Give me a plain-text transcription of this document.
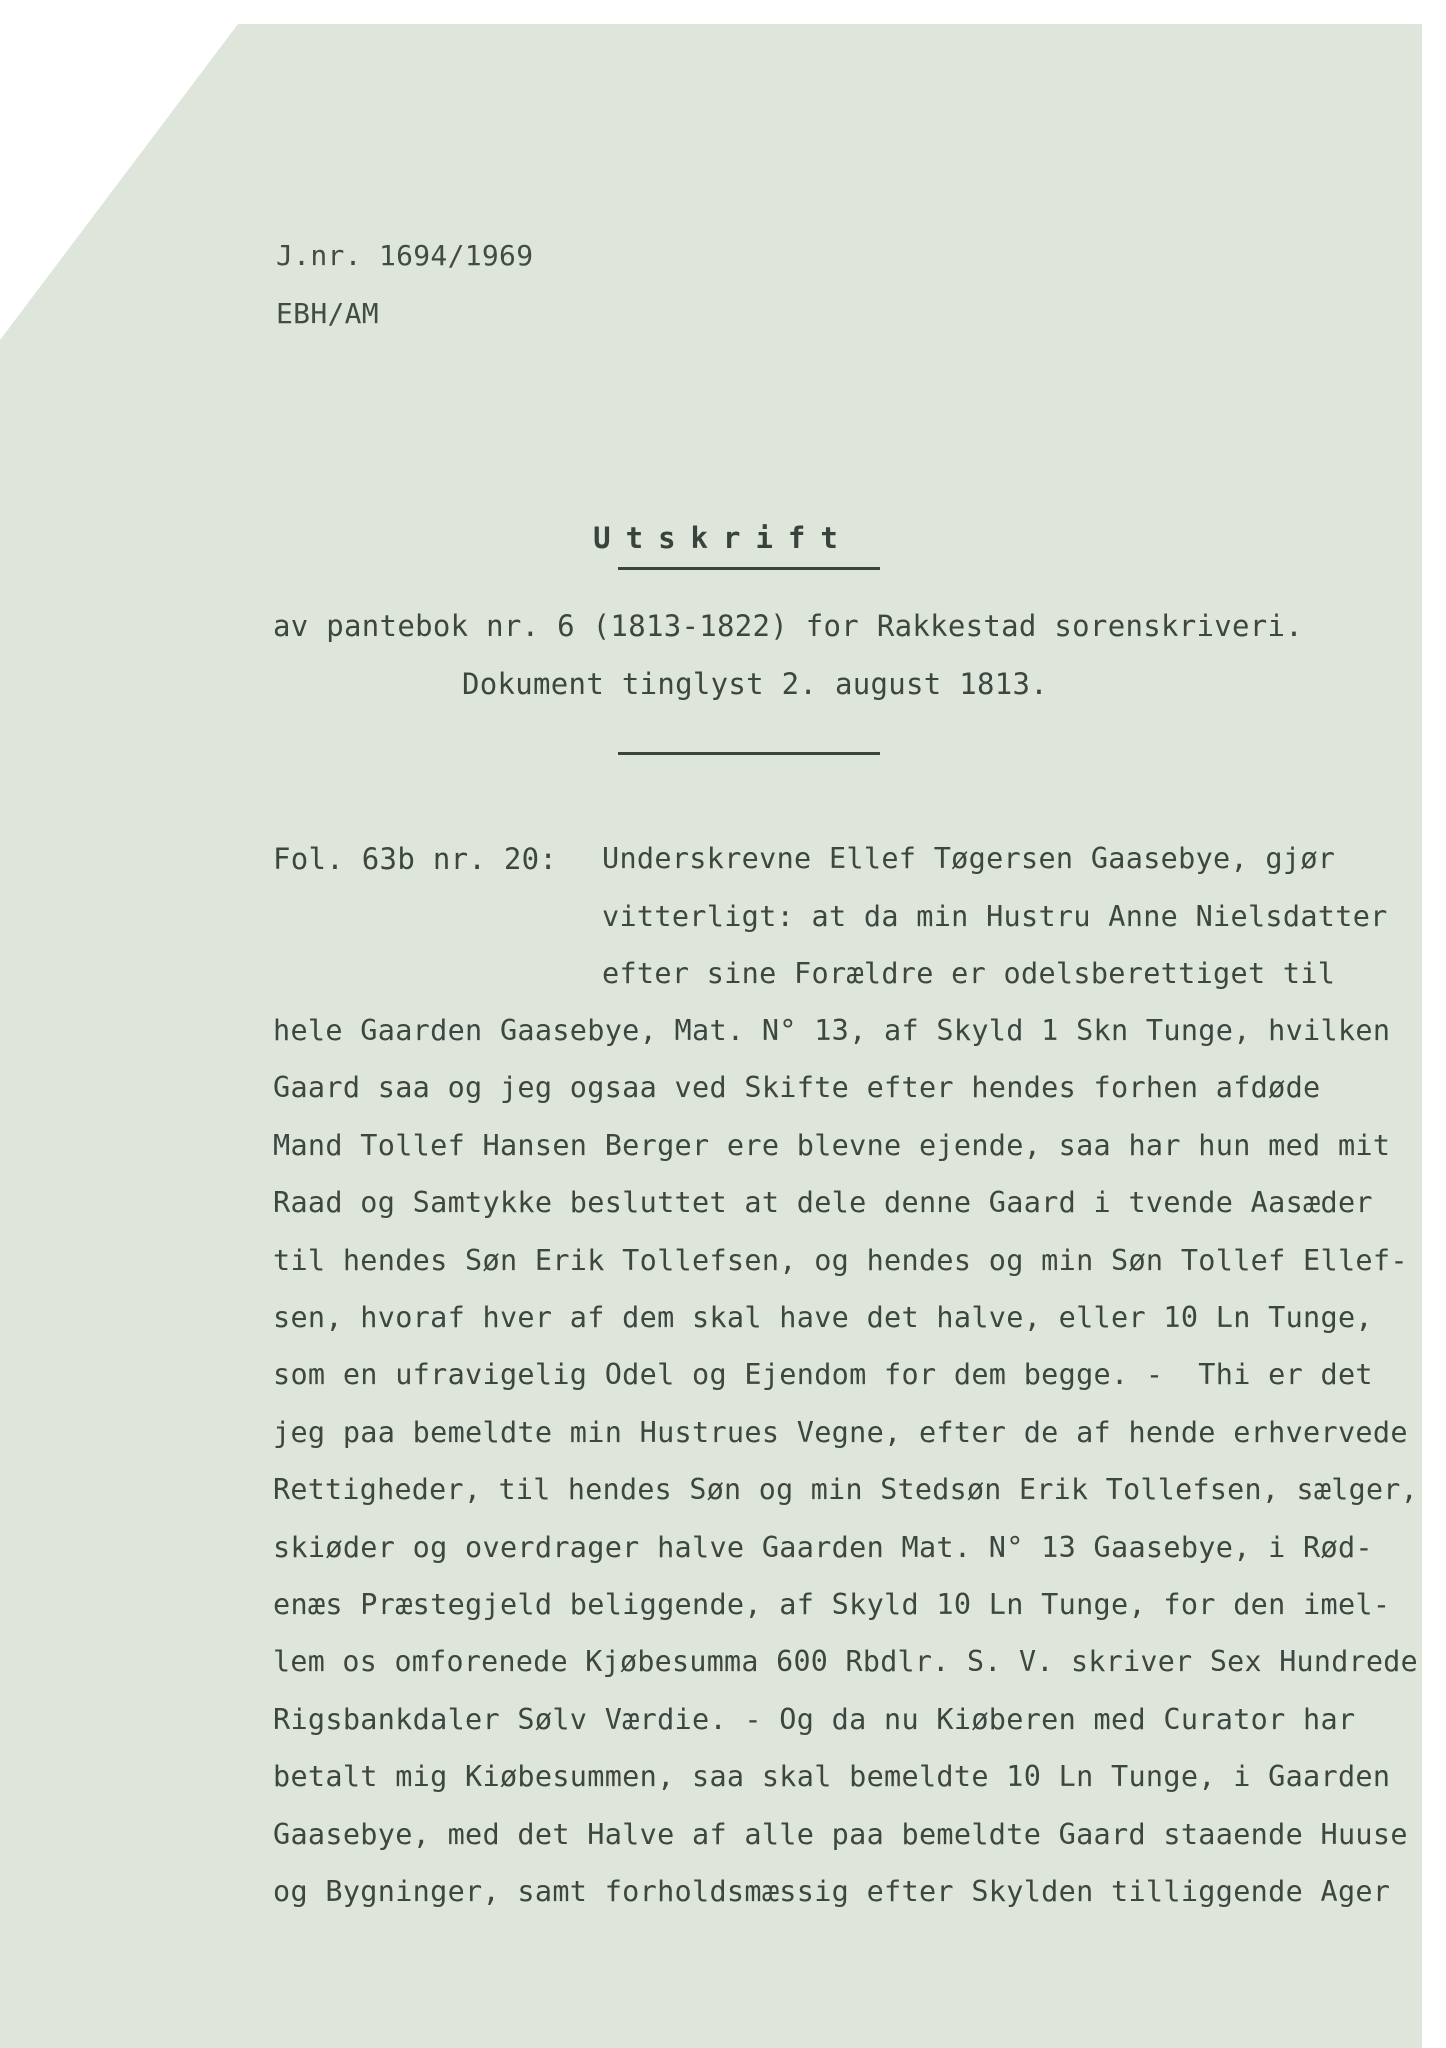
J.nr. 1694/1969
EBH/AM
Utskrift
av pantebok nr. 6 (1813-1822) for Rakkestad sorenskriveri.
Dokument tinglyst 2. august 1813.
Fol. 63b nr. 20: Underskrevne Ellef Tøgersen Gaasebye, gjør
vitterligt: at da min Hustru Anne Nielsdatter
efter sine Forældre er odelsberettiget til
hele Gaarden Gaasebye, Mat. N° 13, af Skyld 1 Skn Tunge, hvilken
Gaard saa og jeg ogsaa ved Skifte efter hendes forhen afdøde
Mand Tollef Hansen Berger ere blevne ejende, saa har hun med mit
Raad og Samtykke besluttet at dele denne Gaard i tvende Aasæder
til hendes Søn Erik Tollefsen, og hendes og min Søn Tollef Ellef-
sen, hvoraf hver af dem skal have det halve, eller 10 Ln Tunge,
som en ufravigelig Odel og Ejendom for dem begge. -  Thi er det
jeg paa bemeldte min Hustrues Vegne, efter de af hende erhvervede
Rettigheder, til hendes Søn og min Stedsøn Erik Tollefsen, sælger,
skiøder og overdrager halve Gaarden Mat. N° 13 Gaasebye, i Rød-
enæs Præstegjeld beliggende, af Skyld 10 Ln Tunge, for den imel-
lem os omforenede Kjøbesumma 600 Rbdlr. S. V. skriver Sex Hundrede
Rigsbankdaler Sølv Værdie. - Og da nu Kiøberen med Curator har
betalt mig Kiøbesummen, saa skal bemeldte 10 Ln Tunge, i Gaarden
Gaasebye, med det Halve af alle paa bemeldte Gaard staaende Huuse
og Bygninger, samt forholdsmæssig efter Skylden tilliggende Ager
